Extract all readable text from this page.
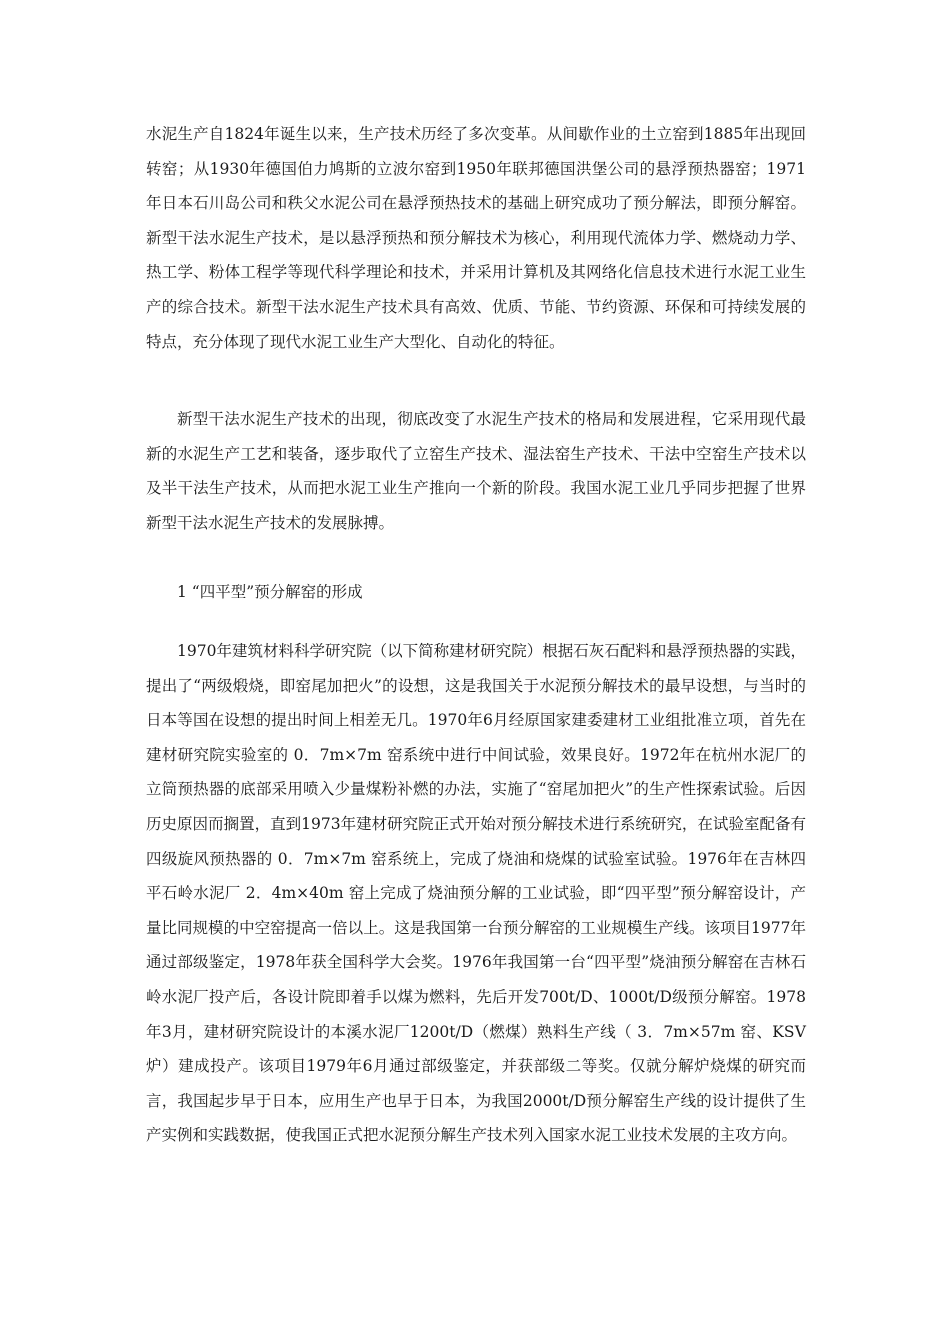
水泥生产自1824年诞生以来，生产技术历经了多次变革。从间歇作业的土立窑到1885年出现回转窑；从1930年德国伯力鸠斯的立波尔窑到1950年联邦德国洪堡公司的悬浮预热器窑；1971年日本石川岛公司和秩父水泥公司在悬浮预热技术的基础上研究成功了预分解法，即预分解窑。新型干法水泥生产技术，是以悬浮预热和预分解技术为核心，利用现代流体力学、燃烧动力学、热工学、粉体工程学等现代科学理论和技术，并采用计算机及其网络化信息技术进行水泥工业生产的综合技术。新型干法水泥生产技术具有高效、优质、节能、节约资源、环保和可持续发展的特点，充分体现了现代水泥工业生产大型化、自动化的特征。

新型干法水泥生产技术的出现，彻底改变了水泥生产技术的格局和发展进程，它采用现代最新的水泥生产工艺和装备，逐步取代了立窑生产技术、湿法窑生产技术、干法中空窑生产技术以及半干法生产技术，从而把水泥工业生产推向一个新的阶段。我国水泥工业几乎同步把握了世界新型干法水泥生产技术的发展脉搏。

1 “四平型”预分解窑的形成

1970年建筑材料科学研究院（以下简称建材研究院）根据石灰石配料和悬浮预热器的实践，提出了“两级煅烧，即窑尾加把火”的设想，这是我国关于水泥预分解技术的最早设想，与当时的日本等国在设想的提出时间上相差无几。1970年6月经原国家建委建材工业组批准立项，首先在建材研究院实验室的 0．7m×7m 窑系统中进行中间试验，效果良好。1972年在杭州水泥厂的立筒预热器的底部采用喷入少量煤粉补燃的办法，实施了“窑尾加把火”的生产性探索试验。后因历史原因而搁置，直到1973年建材研究院正式开始对预分解技术进行系统研究，在试验室配备有四级旋风预热器的 0．7m×7m 窑系统上，完成了烧油和烧煤的试验室试验。1976年在吉林四平石岭水泥厂 2．4m×40m 窑上完成了烧油预分解的工业试验，即“四平型”预分解窑设计，产量比同规模的中空窑提高一倍以上。这是我国第一台预分解窑的工业规模生产线。该项目1977年通过部级鉴定，1978年获全国科学大会奖。1976年我国第一台“四平型”烧油预分解窑在吉林石岭水泥厂投产后，各设计院即着手以煤为燃料，先后开发700t/D、1000t/D级预分解窑。1978年3月，建材研究院设计的本溪水泥厂1200t/D（燃煤）熟料生产线（ 3．7m×57m 窑、KSⅤ炉）建成投产。该项目1979年6月通过部级鉴定，并获部级二等奖。仅就分解炉烧煤的研究而言，我国起步早于日本，应用生产也早于日本，为我国2000t/D预分解窑生产线的设计提供了生产实例和实践数据，使我国正式把水泥预分解生产技术列入国家水泥工业技术发展的主攻方向。
